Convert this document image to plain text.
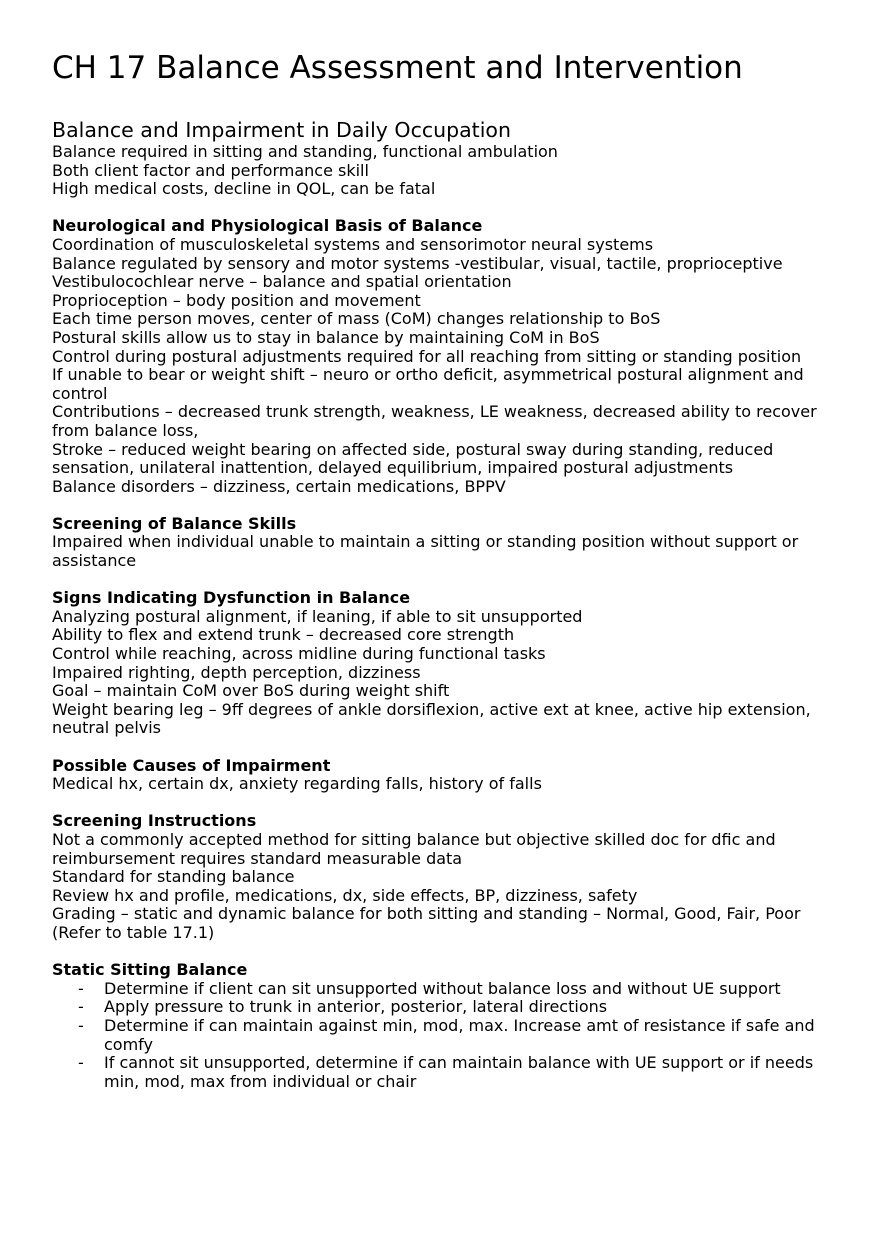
CH 17 Balance Assessment and Intervention
Balance and Impairment in Daily Occupation

Balance required in sitting and standing, functional ambulation

Both client factor and performance skill

High medical costs, decline in QOL, can be fatal

Neurological and Physiological Basis of Balance

Coordination of musculoskeletal systems and sensorimotor neural systems

Balance regulated by sensory and motor systems -vestibular, visual, tactile, proprioceptive

Vestibulocochlear nerve – balance and spatial orientation

Proprioception – body position and movement

Each time person moves, center of mass (CoM) changes relationship to BoS

Postural skills allow us to stay in balance by maintaining CoM in BoS

Control during postural adjustments required for all reaching from sitting or standing position

If unable to bear or weight shift – neuro or ortho deficit, asymmetrical postural alignment and control

Contributions – decreased trunk strength, weakness, LE weakness, decreased ability to recover from balance loss,

Stroke – reduced weight bearing on affected side, postural sway during standing, reduced sensation, unilateral inattention, delayed equilibrium, impaired postural adjustments

Balance disorders – dizziness, certain medications, BPPV

Screening of Balance Skills

Impaired when individual unable to maintain a sitting or standing position without support or assistance

Signs Indicating Dysfunction in Balance

Analyzing postural alignment, if leaning, if able to sit unsupported

Ability to flex and extend trunk – decreased core strength

Control while reaching, across midline during functional tasks

Impaired righting, depth perception, dizziness

Goal – maintain CoM over BoS during weight shift

Weight bearing leg – 9ff degrees of ankle dorsiflexion, active ext at knee, active hip extension, neutral pelvis

Possible Causes of Impairment

Medical hx, certain dx, anxiety regarding falls, history of falls

Screening Instructions

Not a commonly accepted method for sitting balance but objective skilled doc for dfic and reimbursement requires standard measurable data

Standard for standing balance

Review hx and profile, medications, dx, side effects, BP, dizziness, safety

Grading – static and dynamic balance for both sitting and standing – Normal, Good, Fair, Poor (Refer to table 17.1)

Static Sitting Balance
- Determine if client can sit unsupported without balance loss and without UE support
- Apply pressure to trunk in anterior, posterior, lateral directions
- Determine if can maintain against min, mod, max. Increase amt of resistance if safe and comfy
- If cannot sit unsupported, determine if can maintain balance with UE support or if needs min, mod, max from individual or chair
